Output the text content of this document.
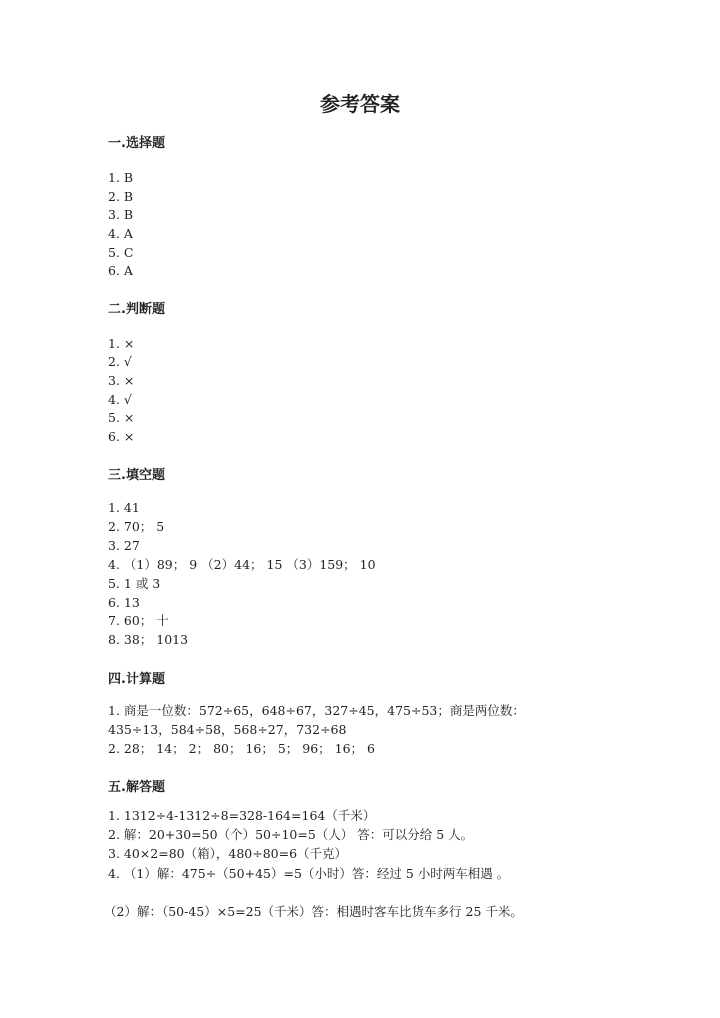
参考答案
一.选择题
1. B
2. B
3. B
4. A
5. C
6. A
二.判断题
1. ×
2. √
3. ×
4. √
5. ×
6. ×
三.填空题
1. 41
2. 70； 5
3. 27
4. （1）89； 9 （2）44； 15 （3）159； 10
5. 1 或 3
6. 13
7. 60； 十
8. 38； 1013
四.计算题
1. 商是一位数：572÷65，648÷67，327÷45，475÷53；商是两位数：
435÷13，584÷58，568÷27，732÷68
2. 28； 14； 2； 80； 16； 5； 96； 16； 6
五.解答题
1. 1312÷4-1312÷8=328-164=164（千米）
2. 解：20+30=50（个）50÷10=5（人） 答：可以分给 5 人。
3. 40×2=80（箱），480÷80=6（千克）
4. （1）解：475÷（50+45）=5（小时）答：经过 5 小时两车相遇 。
（2）解：（50-45）×5=25（千米）答：相遇时客车比货车多行 25 千米。
